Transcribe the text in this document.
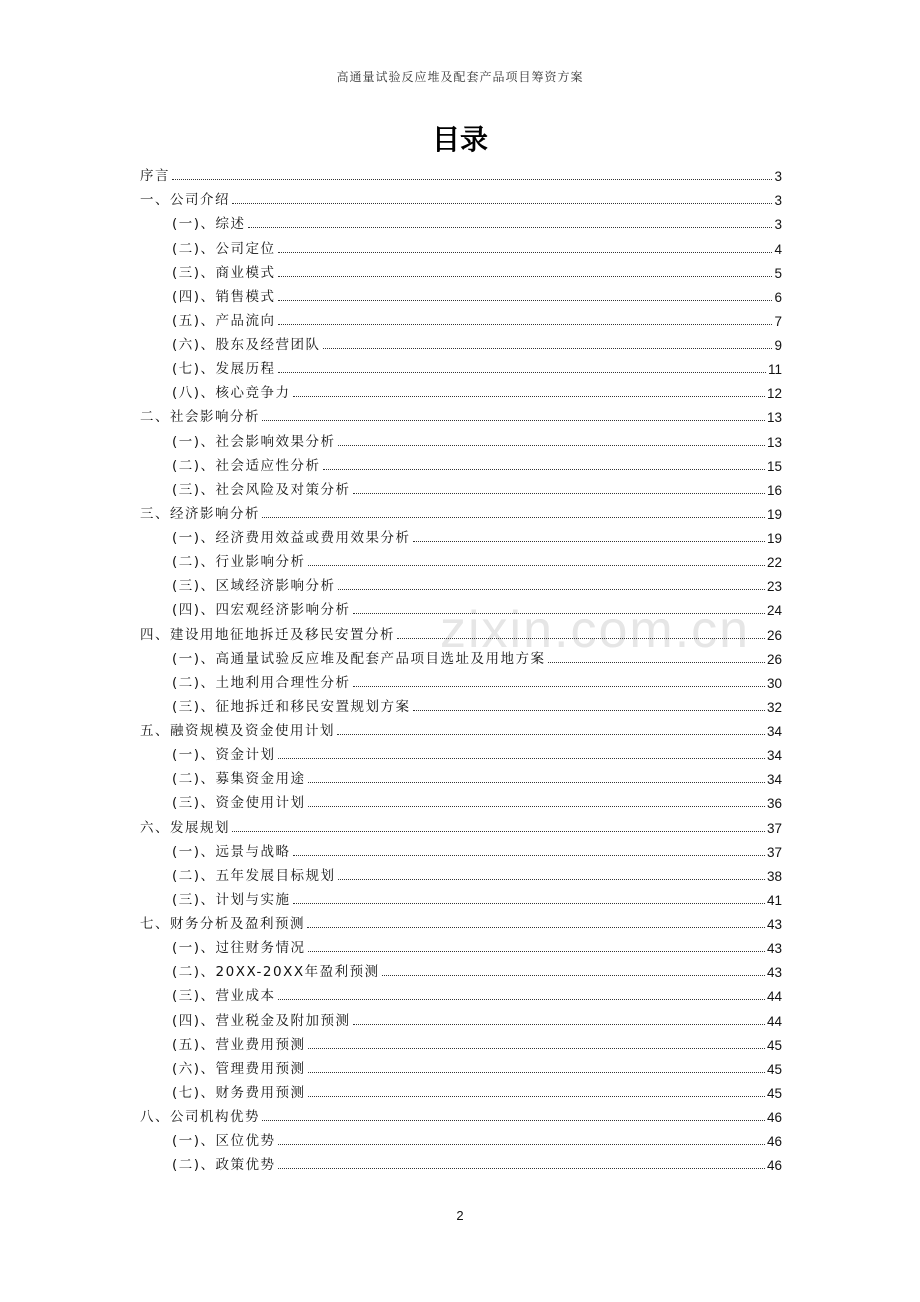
高通量试验反应堆及配套产品项目筹资方案
目录
zixin.com.cn
序言	3
一、公司介绍	3
(一)、综述	3
(二)、公司定位	4
(三)、商业模式	5
(四)、销售模式	6
(五)、产品流向	7
(六)、股东及经营团队	9
(七)、发展历程	11
(八)、核心竞争力	12
二、社会影响分析	13
(一)、社会影响效果分析	13
(二)、社会适应性分析	15
(三)、社会风险及对策分析	16
三、经济影响分析	19
(一)、经济费用效益或费用效果分析	19
(二)、行业影响分析	22
(三)、区域经济影响分析	23
(四)、四宏观经济影响分析	24
四、建设用地征地拆迁及移民安置分析	26
(一)、高通量试验反应堆及配套产品项目选址及用地方案	26
(二)、土地利用合理性分析	30
(三)、征地拆迁和移民安置规划方案	32
五、融资规模及资金使用计划	34
(一)、资金计划	34
(二)、募集资金用途	34
(三)、资金使用计划	36
六、发展规划	37
(一)、远景与战略	37
(二)、五年发展目标规划	38
(三)、计划与实施	41
七、财务分析及盈利预测	43
(一)、过往财务情况	43
(二)、20XX-20XX年盈利预测	43
(三)、营业成本	44
(四)、营业税金及附加预测	44
(五)、营业费用预测	45
(六)、管理费用预测	45
(七)、财务费用预测	45
八、公司机构优势	46
(一)、区位优势	46
(二)、政策优势	46
2
